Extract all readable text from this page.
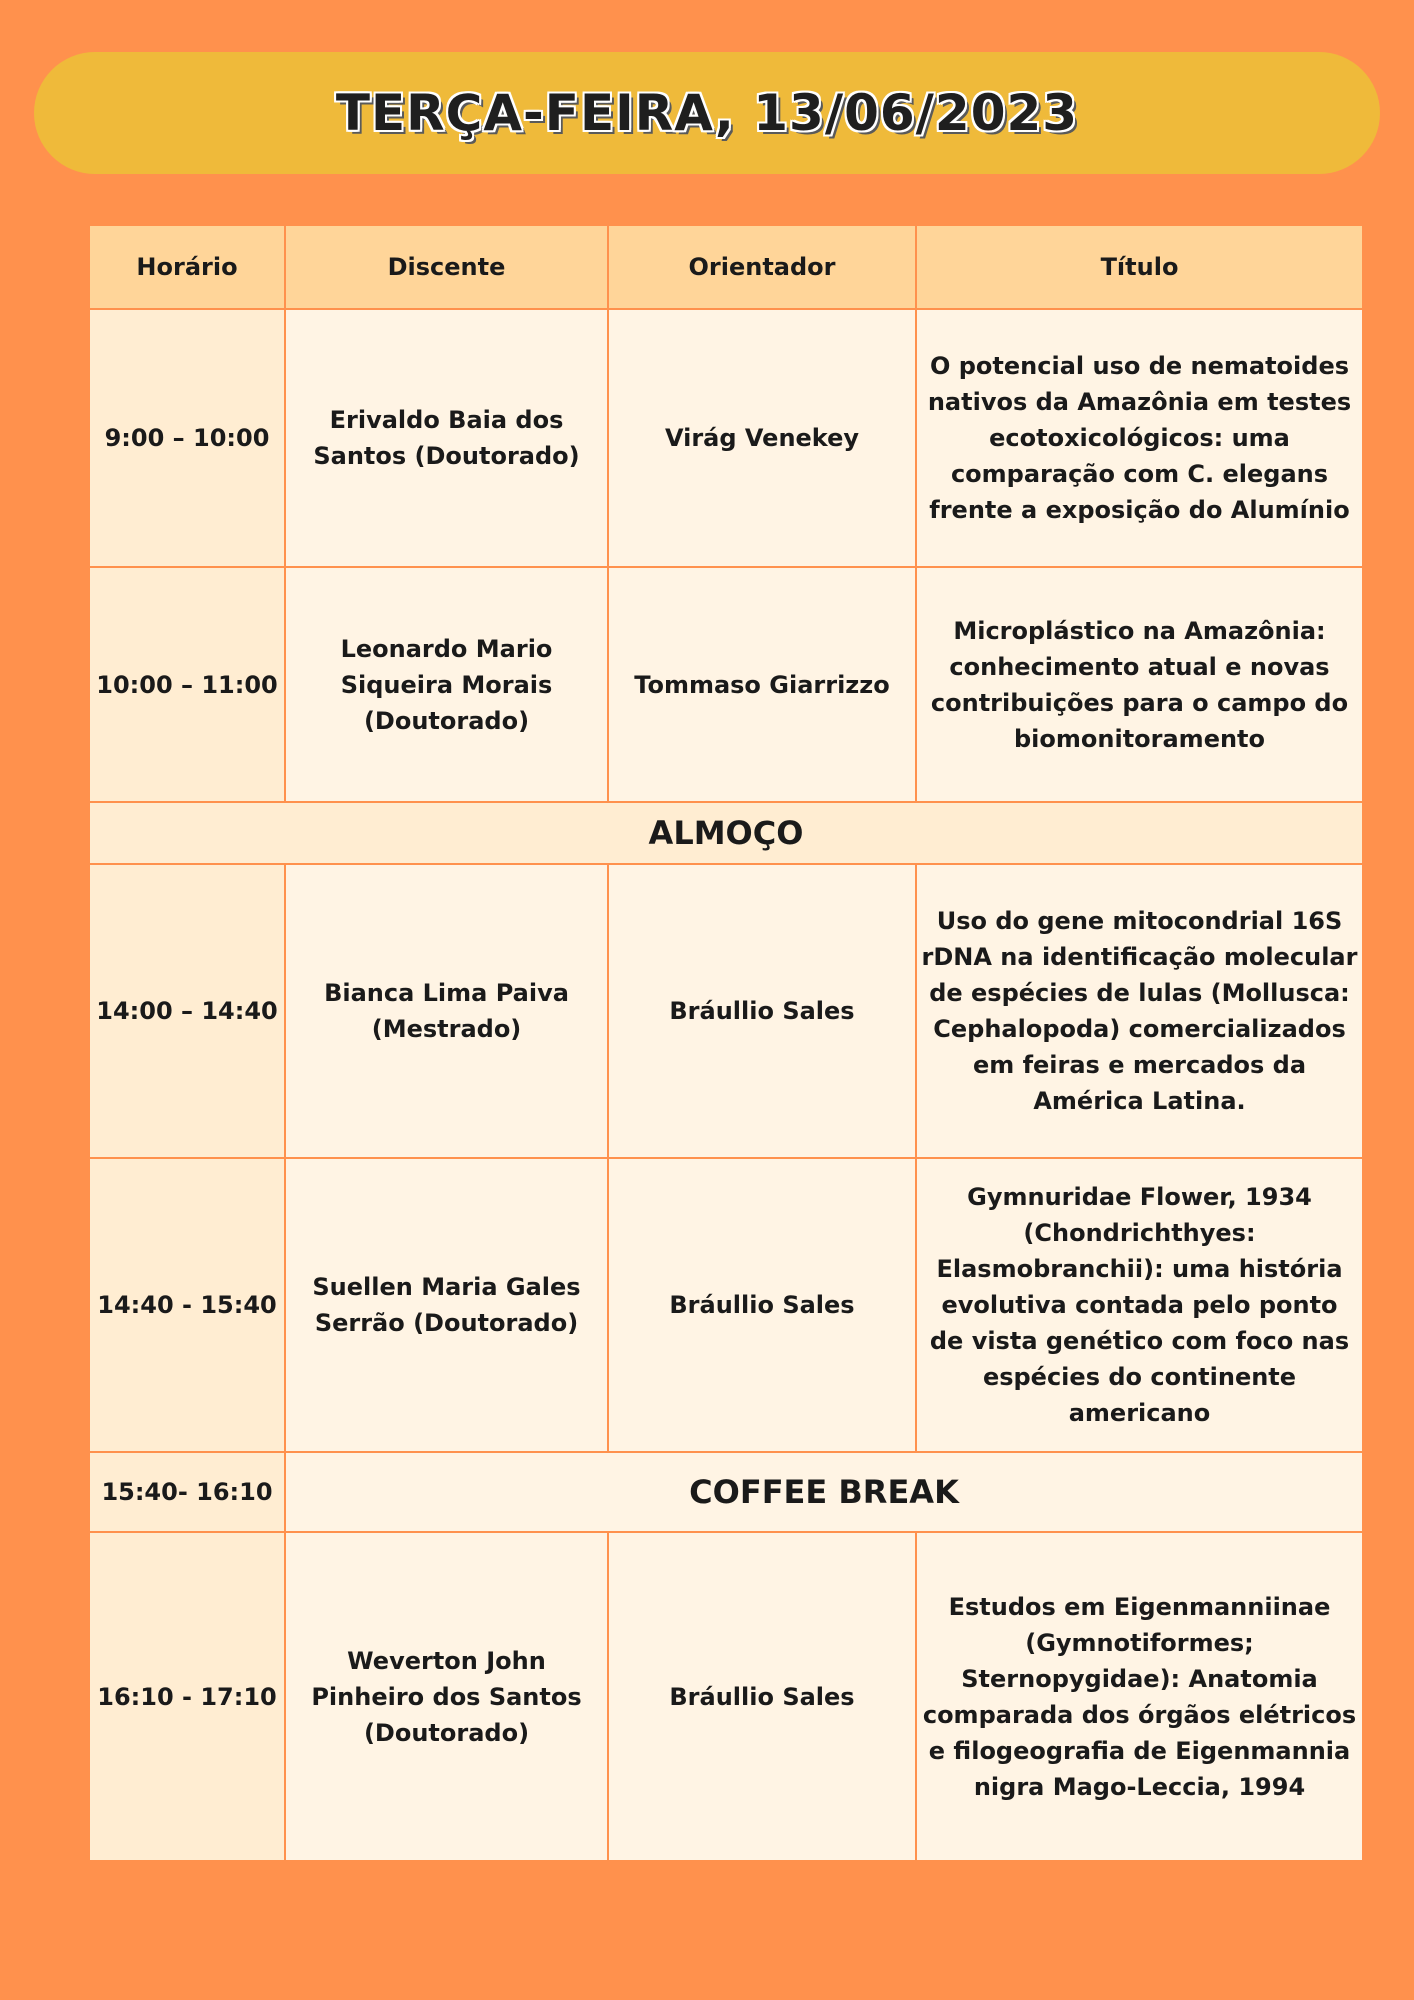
TERÇA-FEIRA, 13/06/2023
Horário	Discente	Orientador	Título
9:00 – 10:00	Erivaldo Baia dos Santos (Doutorado)	Virág Venekey	O potencial uso de nematoides nativos da Amazônia em testes ecotoxicológicos: uma comparação com C. elegans frente a exposição do Alumínio
10:00 – 11:00	Leonardo Mario Siqueira Morais (Doutorado)	Tommaso Giarrizzo	Microplástico na Amazônia: conhecimento atual e novas contribuições para o campo do biomonitoramento
ALMOÇO			
14:00 – 14:40	Bianca Lima Paiva (Mestrado)	Bráullio Sales	Uso do gene mitocondrial 16S rDNA na identificação molecular de espécies de lulas (Mollusca: Cephalopoda) comercializados em feiras e mercados da América Latina.
14:40 - 15:40	Suellen Maria Gales Serrão (Doutorado)	Bráullio Sales	Gymnuridae Flower, 1934 (Chondrichthyes: Elasmobranchii): uma história evolutiva contada pelo ponto de vista genético com foco nas espécies do continente americano
15:40- 16:10	COFFEE BREAK		
16:10 - 17:10	Weverton John Pinheiro dos Santos (Doutorado)	Bráullio Sales	Estudos em Eigenmanniinae (Gymnotiformes; Sternopygidae): Anatomia comparada dos órgãos elétricos e filogeografia de Eigenmannia nigra Mago-Leccia, 1994
